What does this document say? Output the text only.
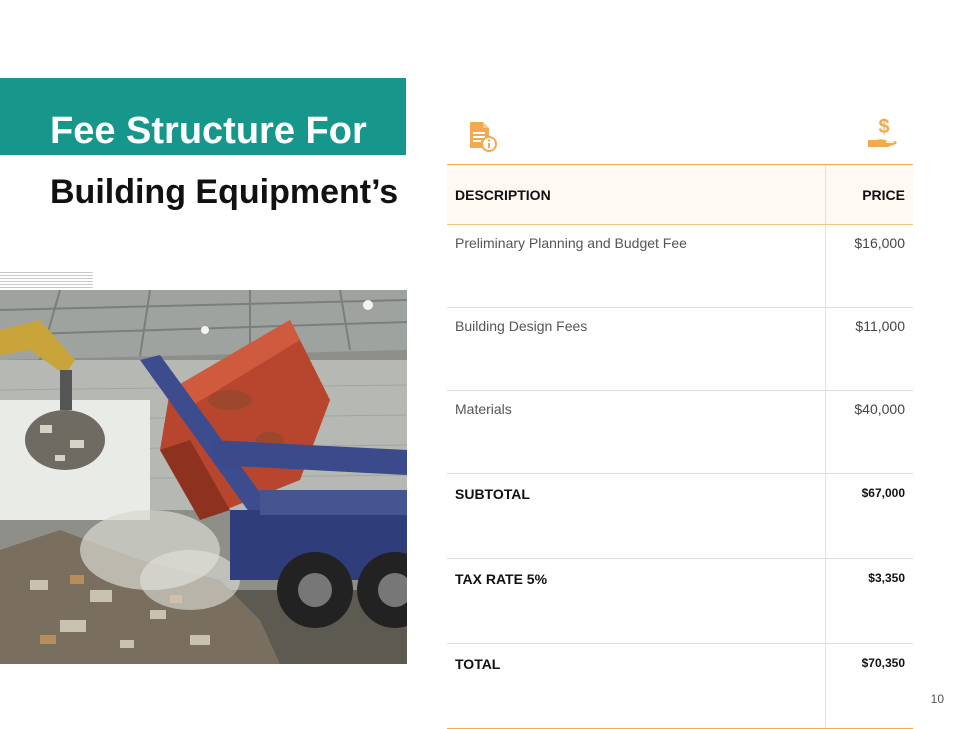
Fee Structure For
Building Equipment’s
$
DESCRIPTION	PRICE
Preliminary Planning and Budget Fee	$16,000
Building Design Fees	$11,000
Materials	$40,000
SUBTOTAL	$67,000
TAX RATE 5%	$3,350
TOTAL	$70,350
10
